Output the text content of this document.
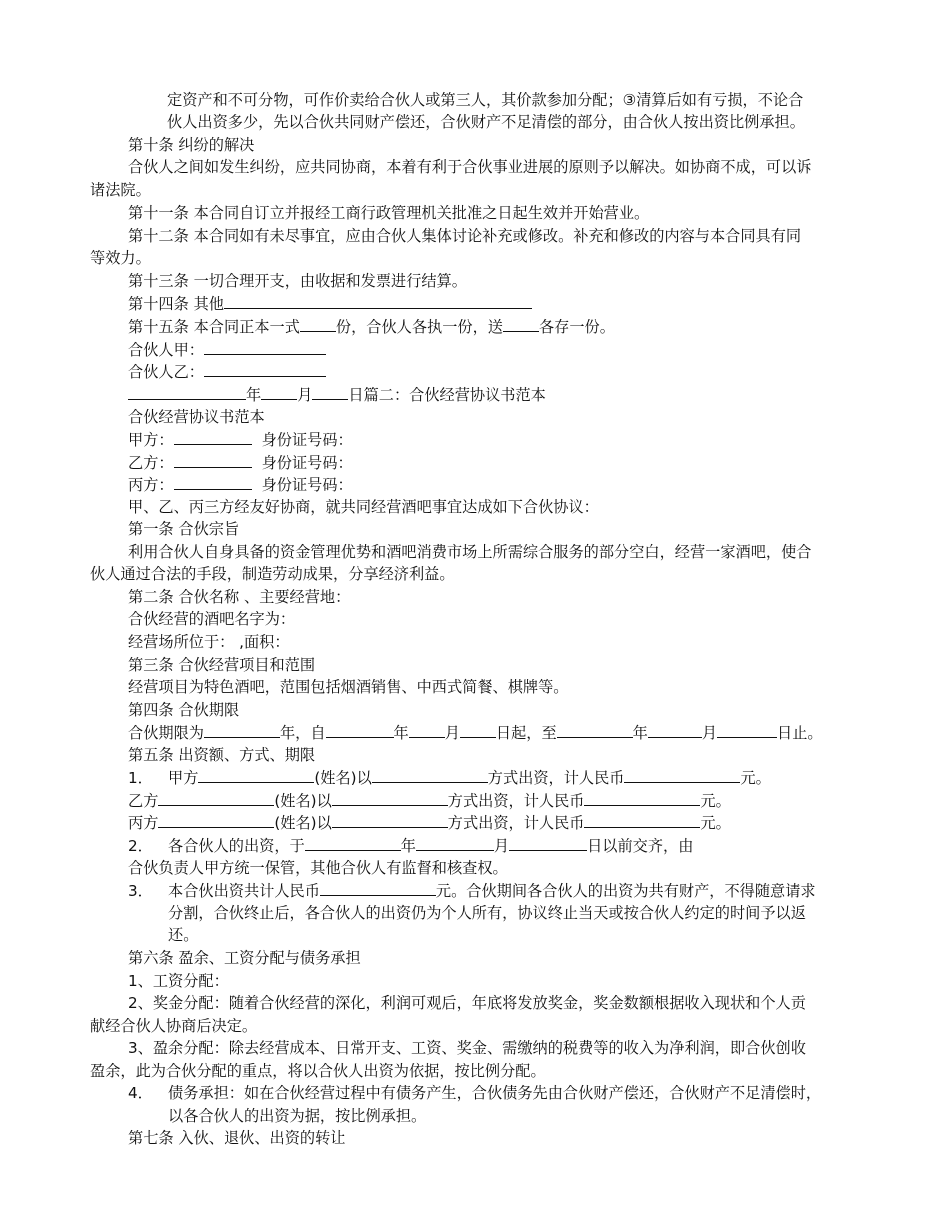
定资产和不可分物，可作价卖给合伙人或第三人，其价款参加分配；③清算后如有亏损，不论合
伙人出资多少，先以合伙共同财产偿还，合伙财产不足清偿的部分，由合伙人按出资比例承担。
第十条 纠纷的解决
合伙人之间如发生纠纷，应共同协商，本着有利于合伙事业进展的原则予以解决。如协商不成，可以诉
诸法院。
第十一条 本合同自订立并报经工商行政管理机关批准之日起生效并开始营业。
第十二条 本合同如有未尽事宜，应由合伙人集体讨论补充或修改。补充和修改的内容与本合同具有同
等效力。
第十三条 一切合理开支，由收据和发票进行结算。
第十四条 其他
第十五条 本合同正本一式 份，合伙人各执一份，送 各存一份。
合伙人甲：
合伙人乙：
年 月 日篇二：合伙经营协议书范本
合伙经营协议书范本
甲方：	身份证号码：
乙方：	身份证号码：
丙方：	身份证号码：
甲、乙、丙三方经友好协商，就共同经营酒吧事宜达成如下合伙协议：
第一条 合伙宗旨
利用合伙人自身具备的资金管理优势和酒吧消费市场上所需综合服务的部分空白，经营一家酒吧，使合
伙人通过合法的手段，制造劳动成果，分享经济利益。
第二条 合伙名称 、主要经营地：
合伙经营的酒吧名字为：
经营场所位于： ,面积：
第三条 合伙经营项目和范围
经营项目为特色酒吧，范围包括烟酒销售、中西式简餐、棋牌等。
第四条 合伙期限
合伙期限为	年，自	年 月 日起，至	年	月	日止。
第五条 出资额、方式、期限
1． 甲方	(姓名)以	方式出资，计人民币	元。
乙方	(姓名)以	方式出资，计人民币	元。
丙方	(姓名)以	方式出资，计人民币	元。
2． 各合伙人的出资，于	年	月	日以前交齐，由
合伙负责人甲方统一保管，其他合伙人有监督和核查权。
3． 本合伙出资共计人民币	元。合伙期间各合伙人的出资为共有财产，不得随意请求
分割，合伙终止后，各合伙人的出资仍为个人所有，协议终止当天或按合伙人约定的时间予以返
还。
第六条 盈余、工资分配与债务承担
1、工资分配：
2、奖金分配：随着合伙经营的深化，利润可观后，年底将发放奖金，奖金数额根据收入现状和个人贡
献经合伙人协商后决定。
3、盈余分配：除去经营成本、日常开支、工资、奖金、需缴纳的税费等的收入为净利润，即合伙创收
盈余，此为合伙分配的重点，将以合伙人出资为依据，按比例分配。
4． 债务承担：如在合伙经营过程中有债务产生，合伙债务先由合伙财产偿还，合伙财产不足清偿时，
以各合伙人的出资为据，按比例承担。
第七条 入伙、退伙、出资的转让
